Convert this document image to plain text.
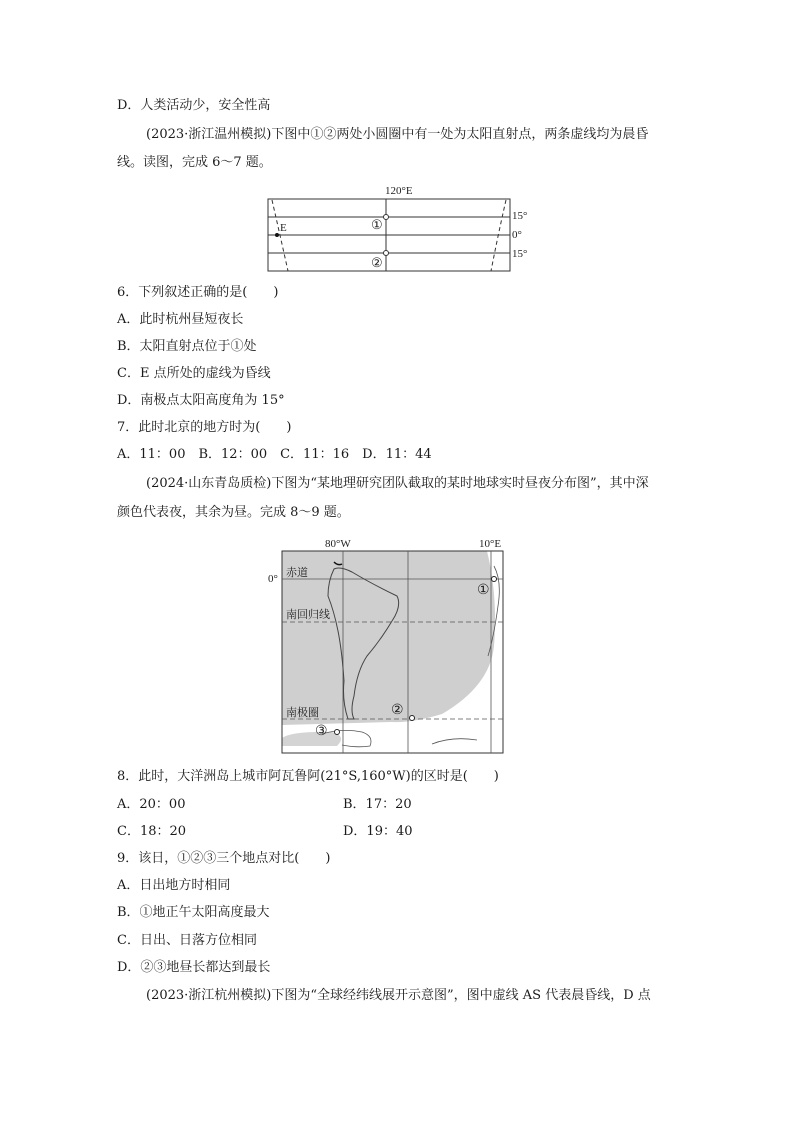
D．人类活动少，安全性高
(2023·浙江温州模拟)下图中①②两处小圆圈中有一处为太阳直射点，两条虚线均为晨昏
线。读图，完成 6～7 题。
120°E
E	①
②
15°
0°
15°
6．下列叙述正确的是(　　)
A．此时杭州昼短夜长
B．太阳直射点位于①处
C．E 点所处的虚线为昏线
D．南极点太阳高度角为 15°
7．此时北京的地方时为(　　)
A．11：00　B．12：00　C．11：16　D．11：44
(2024·山东青岛质检)下图为“某地理研究团队截取的某时地球实时昼夜分布图”，其中深
颜色代表夜，其余为昼。完成 8～9 题。
80°W	10°E
0° 赤道
南回归线
南极圈
①
②
③
8．此时，大洋洲岛上城市阿瓦鲁阿(21°S,160°W)的区时是(　　)
A．20：00	B．17：20
C．18：20	D．19：40
9．该日，①②③三个地点对比(　　)
A．日出地方时相同
B．①地正午太阳高度最大
C．日出、日落方位相同
D．②③地昼长都达到最长
(2023·浙江杭州模拟)下图为“全球经纬线展开示意图”，图中虚线 AS 代表晨昏线，D 点
